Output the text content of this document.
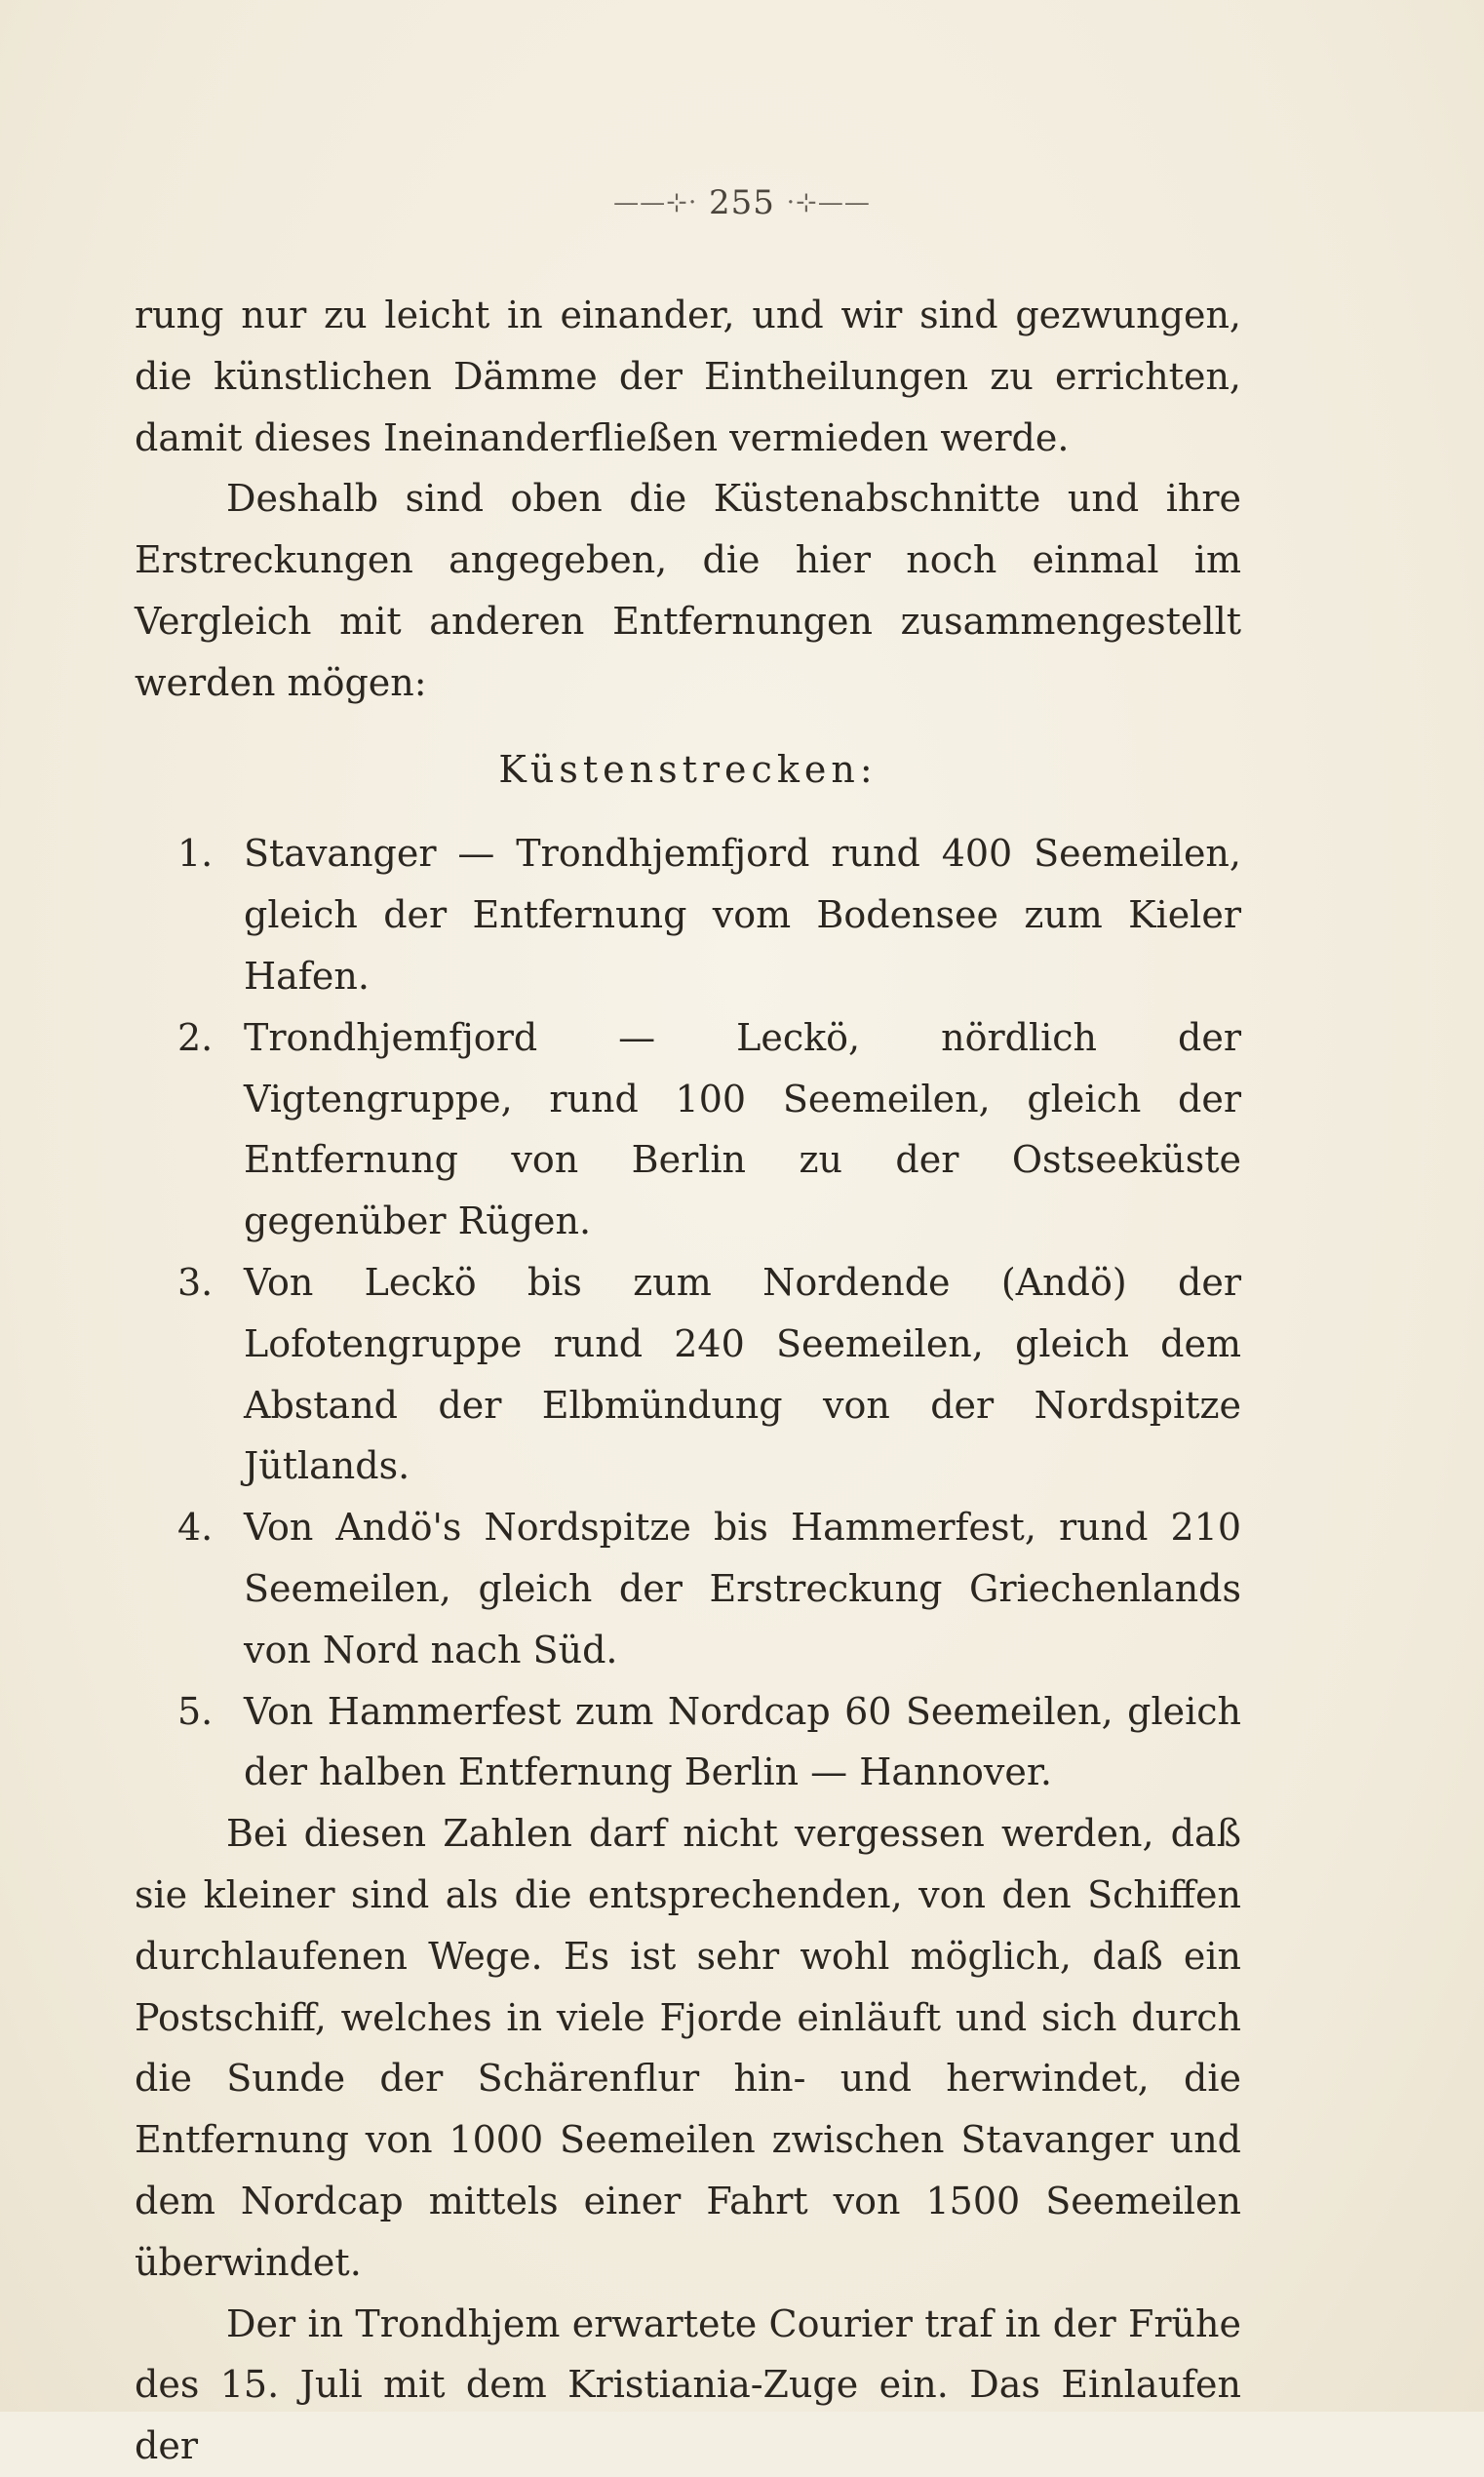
——⊹· 255 ·⊹——

rung nur zu leicht in einander, und wir sind gezwungen, die künstlichen Dämme der Eintheilungen zu errichten, damit dieses Ineinanderfließen vermieden werde.

Deshalb sind oben die Küstenabschnitte und ihre Erstreckungen angegeben, die hier noch einmal im Vergleich mit anderen Entfernungen zusammengestellt werden mögen:

Küstenstrecken:

1. Stavanger — Trondhjemfjord rund 400 Seemeilen, gleich der Entfernung vom Bodensee zum Kieler Hafen.
2. Trondhjemfjord — Leckö, nördlich der Vigtengruppe, rund 100 Seemeilen, gleich der Entfernung von Berlin zu der Ostseeküste gegenüber Rügen.
3. Von Leckö bis zum Nordende (Andö) der Lofotengruppe rund 240 Seemeilen, gleich dem Abstand der Elbmündung von der Nordspitze Jütlands.
4. Von Andö's Nordspitze bis Hammerfest, rund 210 Seemeilen, gleich der Erstreckung Griechenlands von Nord nach Süd.
5. Von Hammerfest zum Nordcap 60 Seemeilen, gleich der halben Entfernung Berlin — Hannover.

Bei diesen Zahlen darf nicht vergessen werden, daß sie kleiner sind als die entsprechenden, von den Schiffen durchlaufenen Wege. Es ist sehr wohl möglich, daß ein Postschiff, welches in viele Fjorde einläuft und sich durch die Sunde der Schärenflur hin- und herwindet, die Entfernung von 1000 Seemeilen zwischen Stavanger und dem Nordcap mittels einer Fahrt von 1500 Seemeilen überwindet.

Der in Trondhjem erwartete Courier traf in der Frühe des 15. Juli mit dem Kristiania-Zuge ein. Das Einlaufen der
